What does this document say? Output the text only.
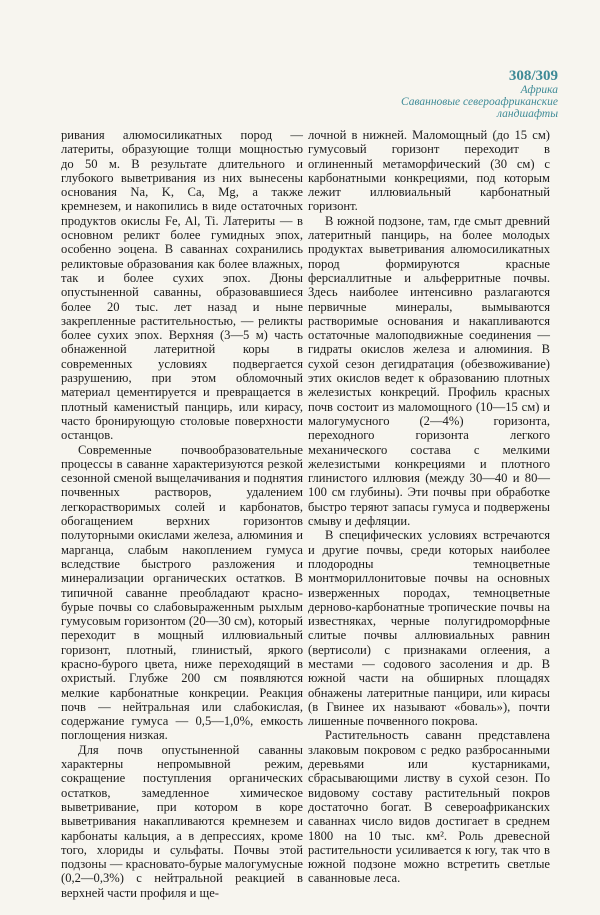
308/309
Африка
Саванновые североафриканские ландшафты

ривания алюмосиликатных пород — латериты, образующие толщи мощностью до 50 м. В результате длительного и глубокого выветривания из них вынесены основания Na, K, Ca, Mg, а также кремнезем, и накопились в виде остаточных продуктов окислы Fe, Al, Ti. Латериты — в основном реликт более гумидных эпох, особенно эоцена. В саваннах сохранились реликтовые образования как более влажных, так и более сухих эпох. Дюны опустыненной саванны, образовавшиеся более 20 тыс. лет назад и ныне закрепленные растительностью, — реликты более сухих эпох. Верхняя (3—5 м) часть обнаженной латеритной коры в современных условиях подвергается разрушению, при этом обломочный материал цементируется и превращается в плотный каменистый панцирь, или кирасу, часто бронирующую столовые поверхности останцов.

Современные почвообразовательные процессы в саванне характеризуются резкой сезонной сменой выщелачивания и поднятия почвенных растворов, удалением легкорастворимых солей и карбонатов, обогащением верхних горизонтов полуторными окислами железа, алюминия и марганца, слабым накоплением гумуса вследствие быстрого разложения и минерализации органических остатков. В типичной саванне преобладают красно-бурые почвы со слабовыраженным рыхлым гумусовым горизонтом (20—30 см), который переходит в мощный иллювиальный горизонт, плотный, глинистый, яркого красно-бурого цвета, ниже переходящий в охристый. Глубже 200 см появляются мелкие карбонатные конкреции. Реакция почв — нейтральная или слабокислая, содержание гумуса — 0,5—1,0%, емкость поглощения низкая.

Для почв опустыненной саванны характерны непромывной режим, сокращение поступления органических остатков, замедленное химическое выветривание, при котором в коре выветривания накапливаются кремнезем и карбонаты кальция, а в депрессиях, кроме того, хлориды и сульфаты. Почвы этой подзоны — красновато-бурые малогумусные (0,2—0,3%) с нейтральной реакцией в верхней части профиля и ще-

лочной в нижней. Маломощный (до 15 см) гумусовый горизонт переходит в оглиненный метаморфический (30 см) с карбонатными конкрециями, под которым лежит иллювиальный карбонатный горизонт.

В южной подзоне, там, где смыт древний латеритный панцирь, на более молодых продуктах выветривания алюмосиликатных пород формируются красные ферсиаллитные и альферритные почвы. Здесь наиболее интенсивно разлагаются первичные минералы, вымываются растворимые основания и накапливаются остаточные малоподвижные соединения — гидраты окислов железа и алюминия. В сухой сезон дегидратация (обезвоживание) этих окислов ведет к образованию плотных железистых конкреций. Профиль красных почв состоит из маломощного (10—15 см) и малогумусного (2—4%) горизонта, переходного горизонта легкого механического состава с мелкими железистыми конкрециями и плотного глинистого иллювия (между 30—40 и 80—100 см глубины). Эти почвы при обработке быстро теряют запасы гумуса и подвержены смыву и дефляции.

В специфических условиях встречаются и другие почвы, среди которых наиболее плодородны темноцветные монтмориллонитовые почвы на основных изверженных породах, темноцветные дерново-карбонатные тропические почвы на известняках, черные полугидроморфные слитые почвы аллювиальных равнин (вертисоли) с признаками оглеения, а местами — содового засоления и др. В южной части на обширных площадях обнажены латеритные панцири, или кирасы (в Гвинее их называют «боваль»), почти лишенные почвенного покрова.

Растительность саванн представлена злаковым покровом с редко разбросанными деревьями или кустарниками, сбрасывающими листву в сухой сезон. По видовому составу растительный покров достаточно богат. В североафриканских саваннах число видов достигает в среднем 1800 на 10 тыс. км². Роль древесной растительности усиливается к югу, так что в южной подзоне можно встретить светлые саванновые леса.
